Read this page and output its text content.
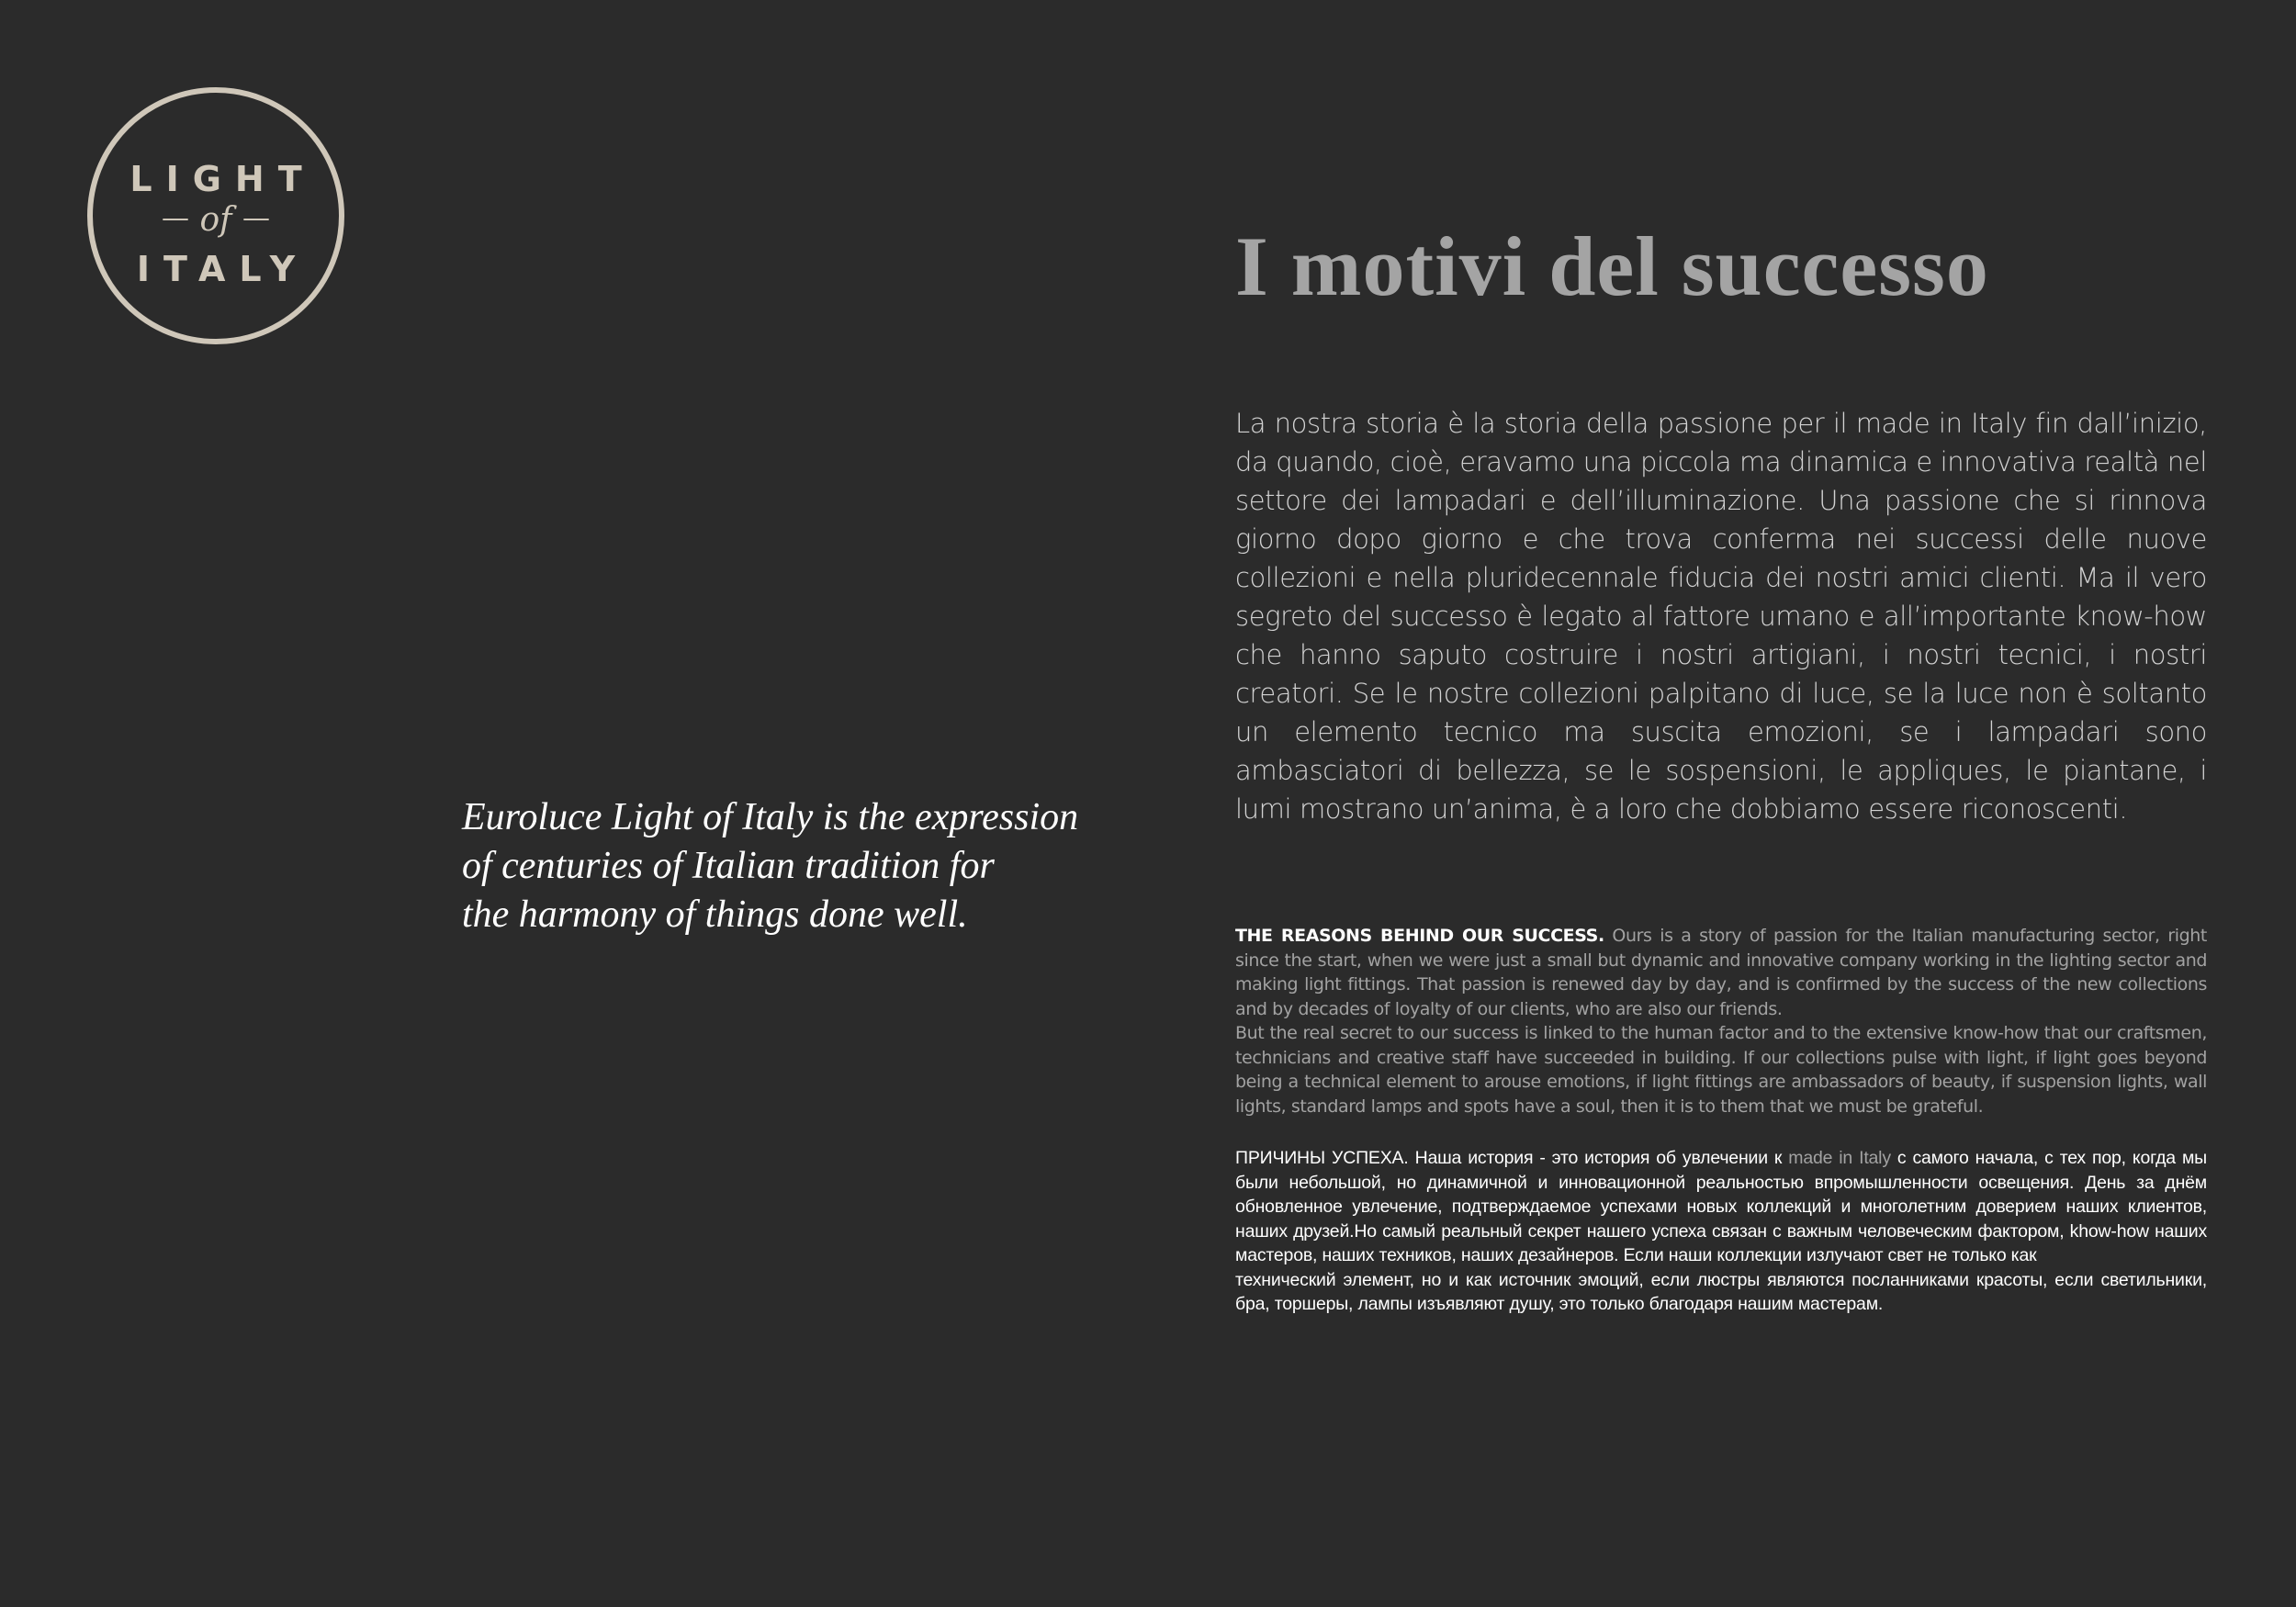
LIGHT
— of —
ITALY

Euroluce Light of Italy is the expression
of centuries of Italian tradition for
the harmony of things done well.

I motivi del successo

La nostra storia è la storia della passione per il made in Italy fin dall’inizio, da quando, cioè, eravamo una piccola ma dinamica e innovativa realtà nel settore dei lampadari e dell’illuminazione. Una passione che si rinnova giorno dopo giorno e che trova conferma nei successi delle nuove collezioni e nella pluridecennale fiducia dei nostri amici clienti. Ma il vero segreto del successo è legato al fattore umano e all’importante know-how che hanno saputo costruire i nostri artigiani, i nostri tecnici, i nostri creatori. Se le nostre collezioni palpitano di luce, se la luce non è soltanto un elemento tecnico ma suscita emozioni, se i lampadari sono ambasciatori di bellezza, se le sospensioni, le appliques, le piantane, i lumi mostrano un’anima, è a loro che dobbiamo essere riconoscenti.

THE REASONS BEHIND OUR SUCCESS. Ours is a story of passion for the Italian manufacturing sector, right since the start, when we were just a small but dynamic and innovative company working in the lighting sector and making light fittings. That passion is renewed day by day, and is confirmed by the success of the new collections and by decades of loyalty of our clients, who are also our friends.
But the real secret to our success is linked to the human factor and to the extensive know-how that our craftsmen, technicians and creative staff have succeeded in building. If our collections pulse with light, if light goes beyond being a technical element to arouse emotions, if light fittings are ambassadors of beauty, if suspension lights, wall lights, standard lamps and spots have a soul, then it is to them that we must be grateful.

ПРИЧИНЫ УСПЕХА. Наша история - это история об увлечении к made in Italy с самого начала, с тех пор, когда мы были небольшой, но динамичной и инновационной реальностью впромышленности освещения. День за днём обновленное увлечение, подтверждаемое успехами новых коллекций и многолетним доверием наших клиентов, наших друзей.Но самый реальный секрет нашего успеха связан с важным человеческим фактором, khow-how наших мастеров, наших техников, наших дезайнеров. Если наши коллекции излучают свет не только как

технический элемент, но и как источник эмоций, если люстры являются посланниками красоты, если светильники, бра, торшеры, лампы изъявляют душу, это только благодаря нашим мастерам.
